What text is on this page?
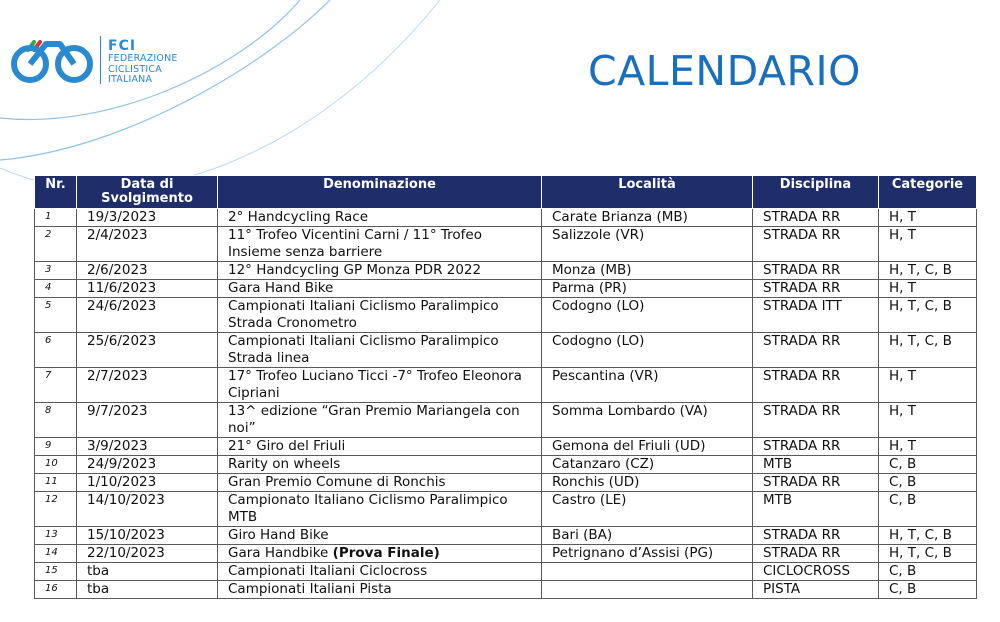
FCI
FEDERAZIONE
CICLISTICA
ITALIANA	CALENDARIO
Nr.	Data di Svolgimento	Denominazione	Località	Disciplina	Categorie
1	19/3/2023	2° Handcycling Race	Carate Brianza (MB)	STRADA RR	H, T
2	2/4/2023	11° Trofeo Vicentini Carni / 11° Trofeo Insieme senza barriere	Salizzole (VR)	STRADA RR	H, T
3	2/6/2023	12° Handcycling GP Monza PDR 2022	Monza (MB)	STRADA RR	H, T, C, B
4	11/6/2023	Gara Hand Bike	Parma (PR)	STRADA RR	H, T
5	24/6/2023	Campionati Italiani Ciclismo Paralimpico Strada Cronometro	Codogno (LO)	STRADA ITT	H, T, C, B
6	25/6/2023	Campionati Italiani Ciclismo Paralimpico Strada linea	Codogno (LO)	STRADA RR	H, T, C, B
7	2/7/2023	17° Trofeo Luciano Ticci -7° Trofeo Eleonora Cipriani	Pescantina (VR)	STRADA RR	H, T
8	9/7/2023	13^ edizione “Gran Premio Mariangela con noi”	Somma Lombardo (VA)	STRADA RR	H, T
9	3/9/2023	21° Giro del Friuli	Gemona del Friuli (UD)	STRADA RR	H, T
10	24/9/2023	Rarity on wheels	Catanzaro (CZ)	MTB	C, B
11	1/10/2023	Gran Premio Comune di Ronchis	Ronchis (UD)	STRADA RR	C, B
12	14/10/2023	Campionato Italiano Ciclismo Paralimpico MTB	Castro (LE)	MTB	C, B
13	15/10/2023	Giro Hand Bike	Bari (BA)	STRADA RR	H, T, C, B
14	22/10/2023	Gara Handbike (Prova Finale)	Petrignano d’Assisi (PG)	STRADA RR	H, T, C, B
15	tba	Campionati Italiani Ciclocross		CICLOCROSS	C, B
16	tba	Campionati Italiani Pista		PISTA	C, B
